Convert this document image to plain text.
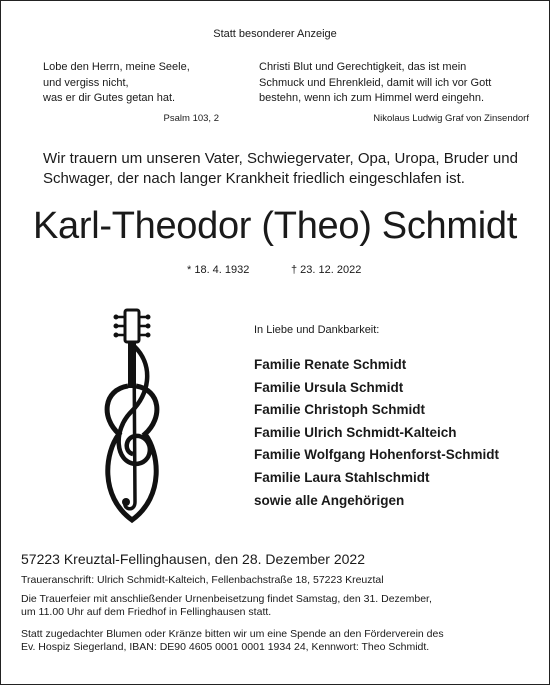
Statt besonderer Anzeige
Lobe den Herrn, meine Seele,
und vergiss nicht,
was er dir Gutes getan hat.
Psalm 103, 2
Christi Blut und Gerechtigkeit, das ist mein
Schmuck und Ehrenkleid, damit will ich vor Gott
bestehn, wenn ich zum Himmel werd eingehn.
Nikolaus Ludwig Graf von Zinsendorf
Wir trauern um unseren Vater, Schwiegervater, Opa, Uropa, Bruder und
Schwager, der nach langer Krankheit friedlich eingeschlafen ist.
Karl-Theodor (Theo) Schmidt
* 18. 4. 1932	† 23. 12. 2022
In Liebe und Dankbarkeit:
Familie Renate Schmidt
Familie Ursula Schmidt
Familie Christoph Schmidt
Familie Ulrich Schmidt-Kalteich
Familie Wolfgang Hohenforst-Schmidt
Familie Laura Stahlschmidt
sowie alle Angehörigen
57223 Kreuztal-Fellinghausen, den 28. Dezember 2022
Traueranschrift: Ulrich Schmidt-Kalteich, Fellenbachstraße 18, 57223 Kreuztal
Die Trauerfeier mit anschließender Urnenbeisetzung findet Samstag, den 31. Dezember,
um 11.00 Uhr auf dem Friedhof in Fellinghausen statt.
Statt zugedachter Blumen oder Kränze bitten wir um eine Spende an den Förderverein des
Ev. Hospiz Siegerland, IBAN: DE90 4605 0001 0001 1934 24, Kennwort: Theo Schmidt.
